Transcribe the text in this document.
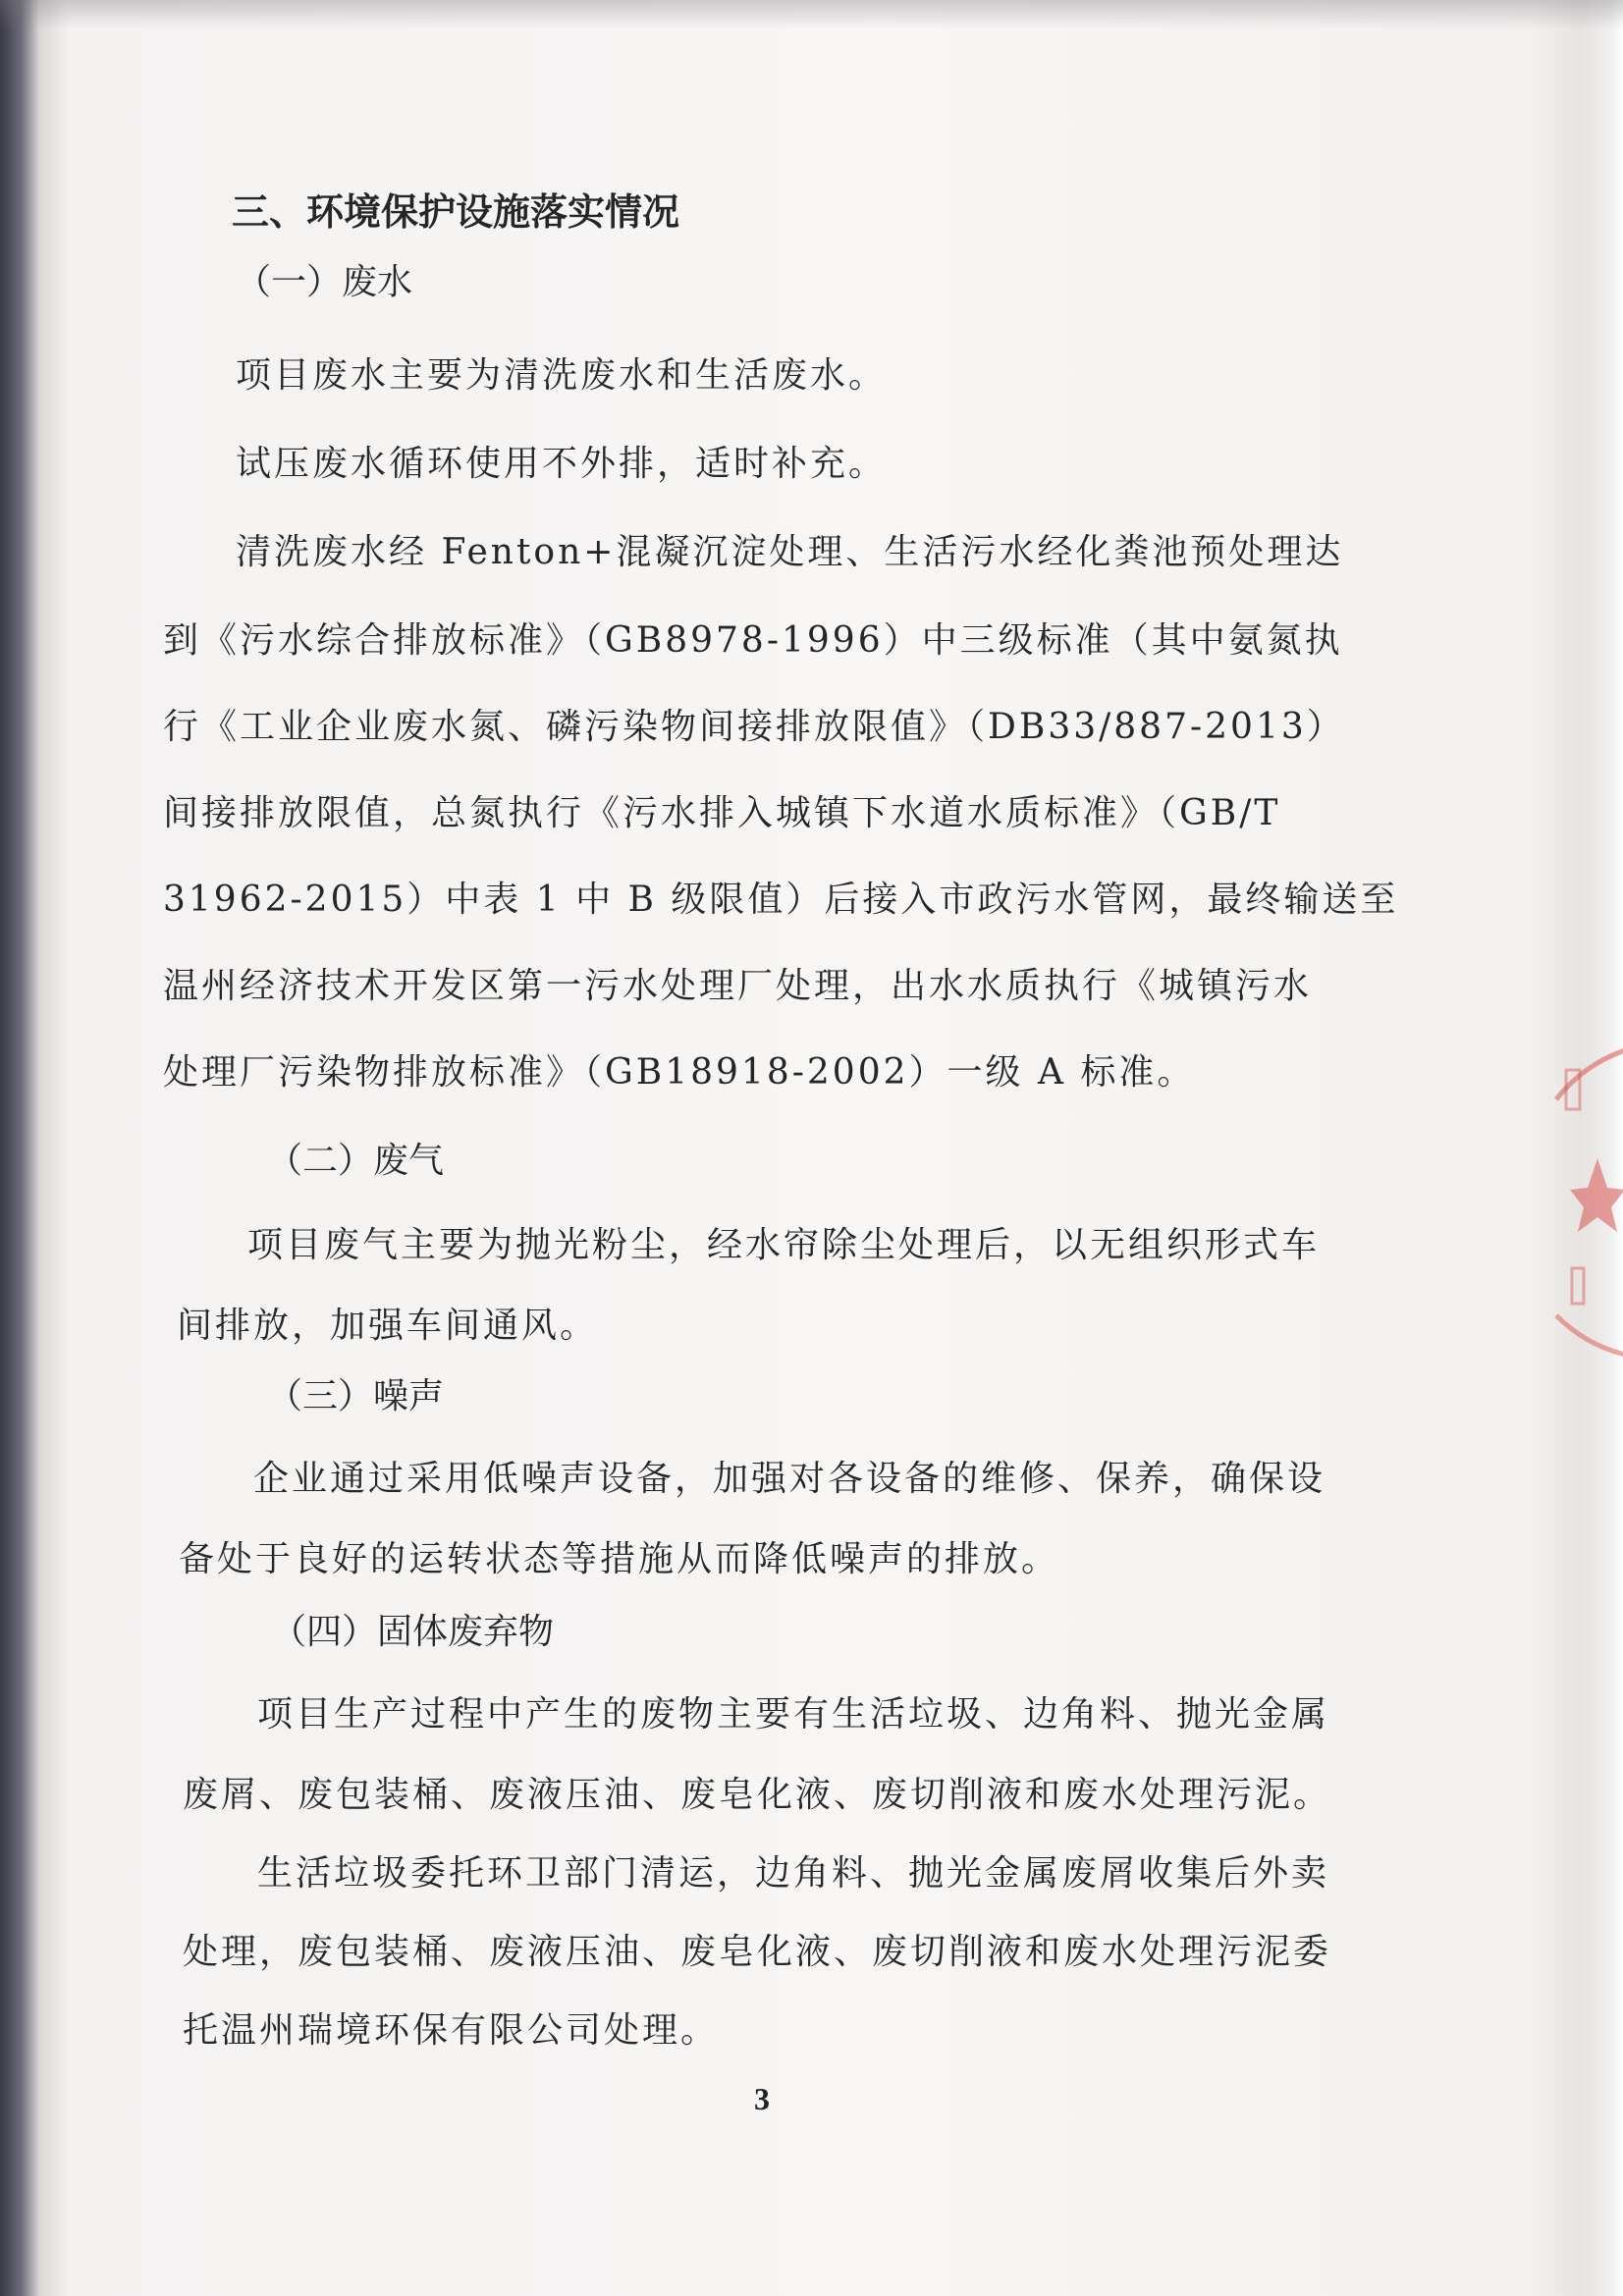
三、环境保护设施落实情况
（一）废水
项目废水主要为清洗废水和生活废水。
试压废水循环使用不外排，适时补充。
清洗废水经 Fenton+混凝沉淀处理、生活污水经化粪池预处理达
到《污水综合排放标准》（GB8978-1996）中三级标准（其中氨氮执
行《工业企业废水氮、磷污染物间接排放限值》（DB33/887-2013）
间接排放限值，总氮执行《污水排入城镇下水道水质标准》（GB/T
31962-2015）中表 1 中 B 级限值）后接入市政污水管网，最终输送至
温州经济技术开发区第一污水处理厂处理，出水水质执行《城镇污水
处理厂污染物排放标准》（GB18918-2002）一级 A 标准。
（二）废气
项目废气主要为抛光粉尘，经水帘除尘处理后，以无组织形式车
间排放，加强车间通风。
（三）噪声
企业通过采用低噪声设备，加强对各设备的维修、保养，确保设
备处于良好的运转状态等措施从而降低噪声的排放。
（四）固体废弃物
项目生产过程中产生的废物主要有生活垃圾、边角料、抛光金属
废屑、废包装桶、废液压油、废皂化液、废切削液和废水处理污泥。
生活垃圾委托环卫部门清运，边角料、抛光金属废屑收集后外卖
处理，废包装桶、废液压油、废皂化液、废切削液和废水处理污泥委
托温州瑞境环保有限公司处理。
3
